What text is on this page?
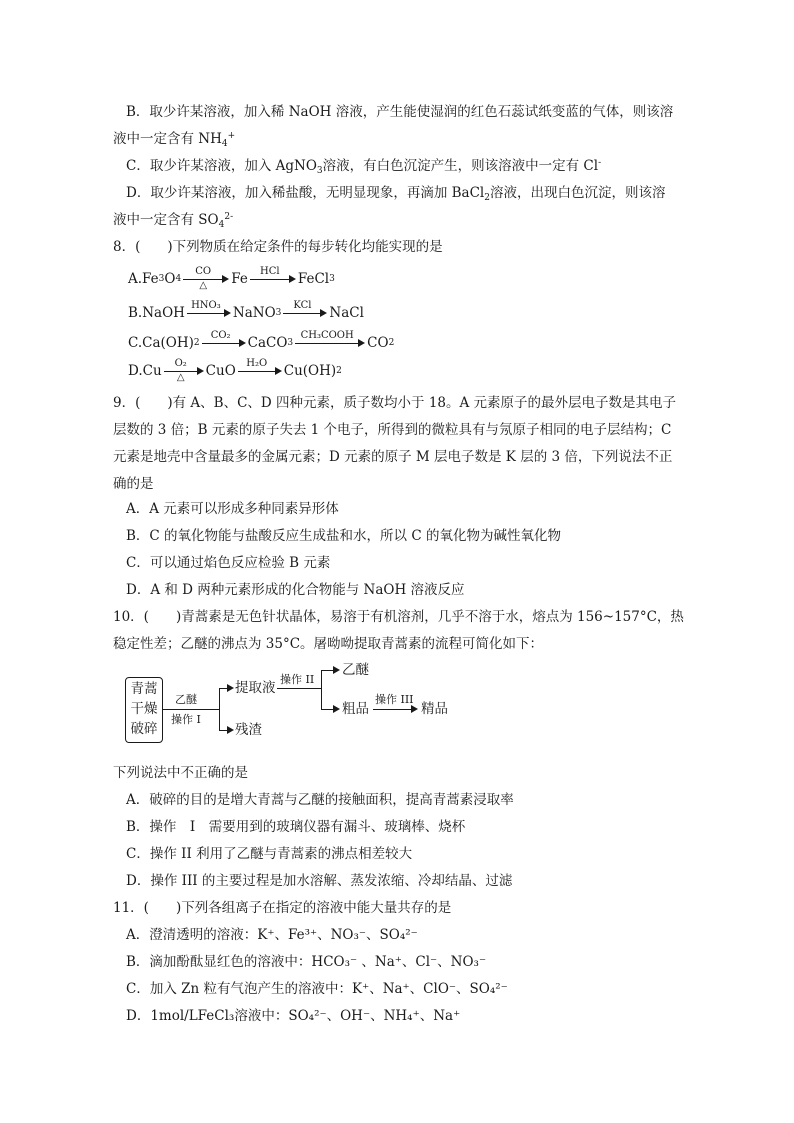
B．取少许某溶液，加入稀 NaOH 溶液，产生能使湿润的红色石蕊试纸变蓝的气体，则该溶
液中一定含有 $NH_4^+$
C．取少许某溶液，加入 AgNO$_3$溶液，有白色沉淀产生，则该溶液中一定有 Cl-
D．取少许某溶液，加入稀盐酸，无明显现象，再滴加 BaCl$_2$溶液，出现白色沉淀，则该溶
液中一定含有 $SO_4^{2-}$
8．(　　)下列物质在给定条件的每步转化均能实现的是
A.Fe 3 O 4
CO
△	Fe	HCl	FeCl 3
B.NaOH HNO₃ NaNO 3
KCl	NaCl
C.Ca(OH) 2
CO₂	CaCO 3
CH₃COOH CO 2
D.Cu	O₂
△	CuO	H₂O	Cu(OH) 2
9．(　　)有 A、B、C、D 四种元素，质子数均小于 18。A 元素原子的最外层电子数是其电子
层数的 3 倍；B 元素的原子失去 1 个电子，所得到的微粒具有与氖原子相同的电子层结构；C
元素是地壳中含量最多的金属元素；D 元素的原子 M 层电子数是 K 层的 3 倍，下列说法不正
确的是
A．A 元素可以形成多种同素异形体
B．C 的氧化物能与盐酸反应生成盐和水，所以 C 的氧化物为碱性氧化物
C．可以通过焰色反应检验 B 元素
D．A 和 D 两种元素形成的化合物能与 NaOH 溶液反应
10．(　　)青蒿素是无色针状晶体，易溶于有机溶剂，几乎不溶于水，熔点为 156~157°C，热
稳定性差；乙醚的沸点为 35°C。屠呦呦提取青蒿素的流程可简化如下：
青蒿
干燥
破碎
乙醚
操作 I
提取液
残渣
操作 II
乙醚
粗品
操作 III
精品
下列说法中不正确的是
A．破碎的目的是增大青蒿与乙醚的接触面积，提高青蒿素浸取率
B．操作　I　需要用到的玻璃仪器有漏斗、玻璃棒、烧杯
C．操作 II 利用了乙醚与青蒿素的沸点相差较大
D．操作 III 的主要过程是加水溶解、蒸发浓缩、冷却结晶、过滤
11．(　　)下列各组离子在指定的溶液中能大量共存的是
A．澄清透明的溶液：K⁺、Fe³⁺、NO₃⁻、SO₄²⁻
B．滴加酚酞显红色的溶液中：HCO₃⁻ 、Na⁺、Cl⁻、NO₃⁻
C．加入 Zn 粒有气泡产生的溶液中：K⁺、Na⁺、ClO⁻、SO₄²⁻
D．1mol/LFeCl₃溶液中：SO₄²⁻、OH⁻、NH₄⁺、Na⁺
